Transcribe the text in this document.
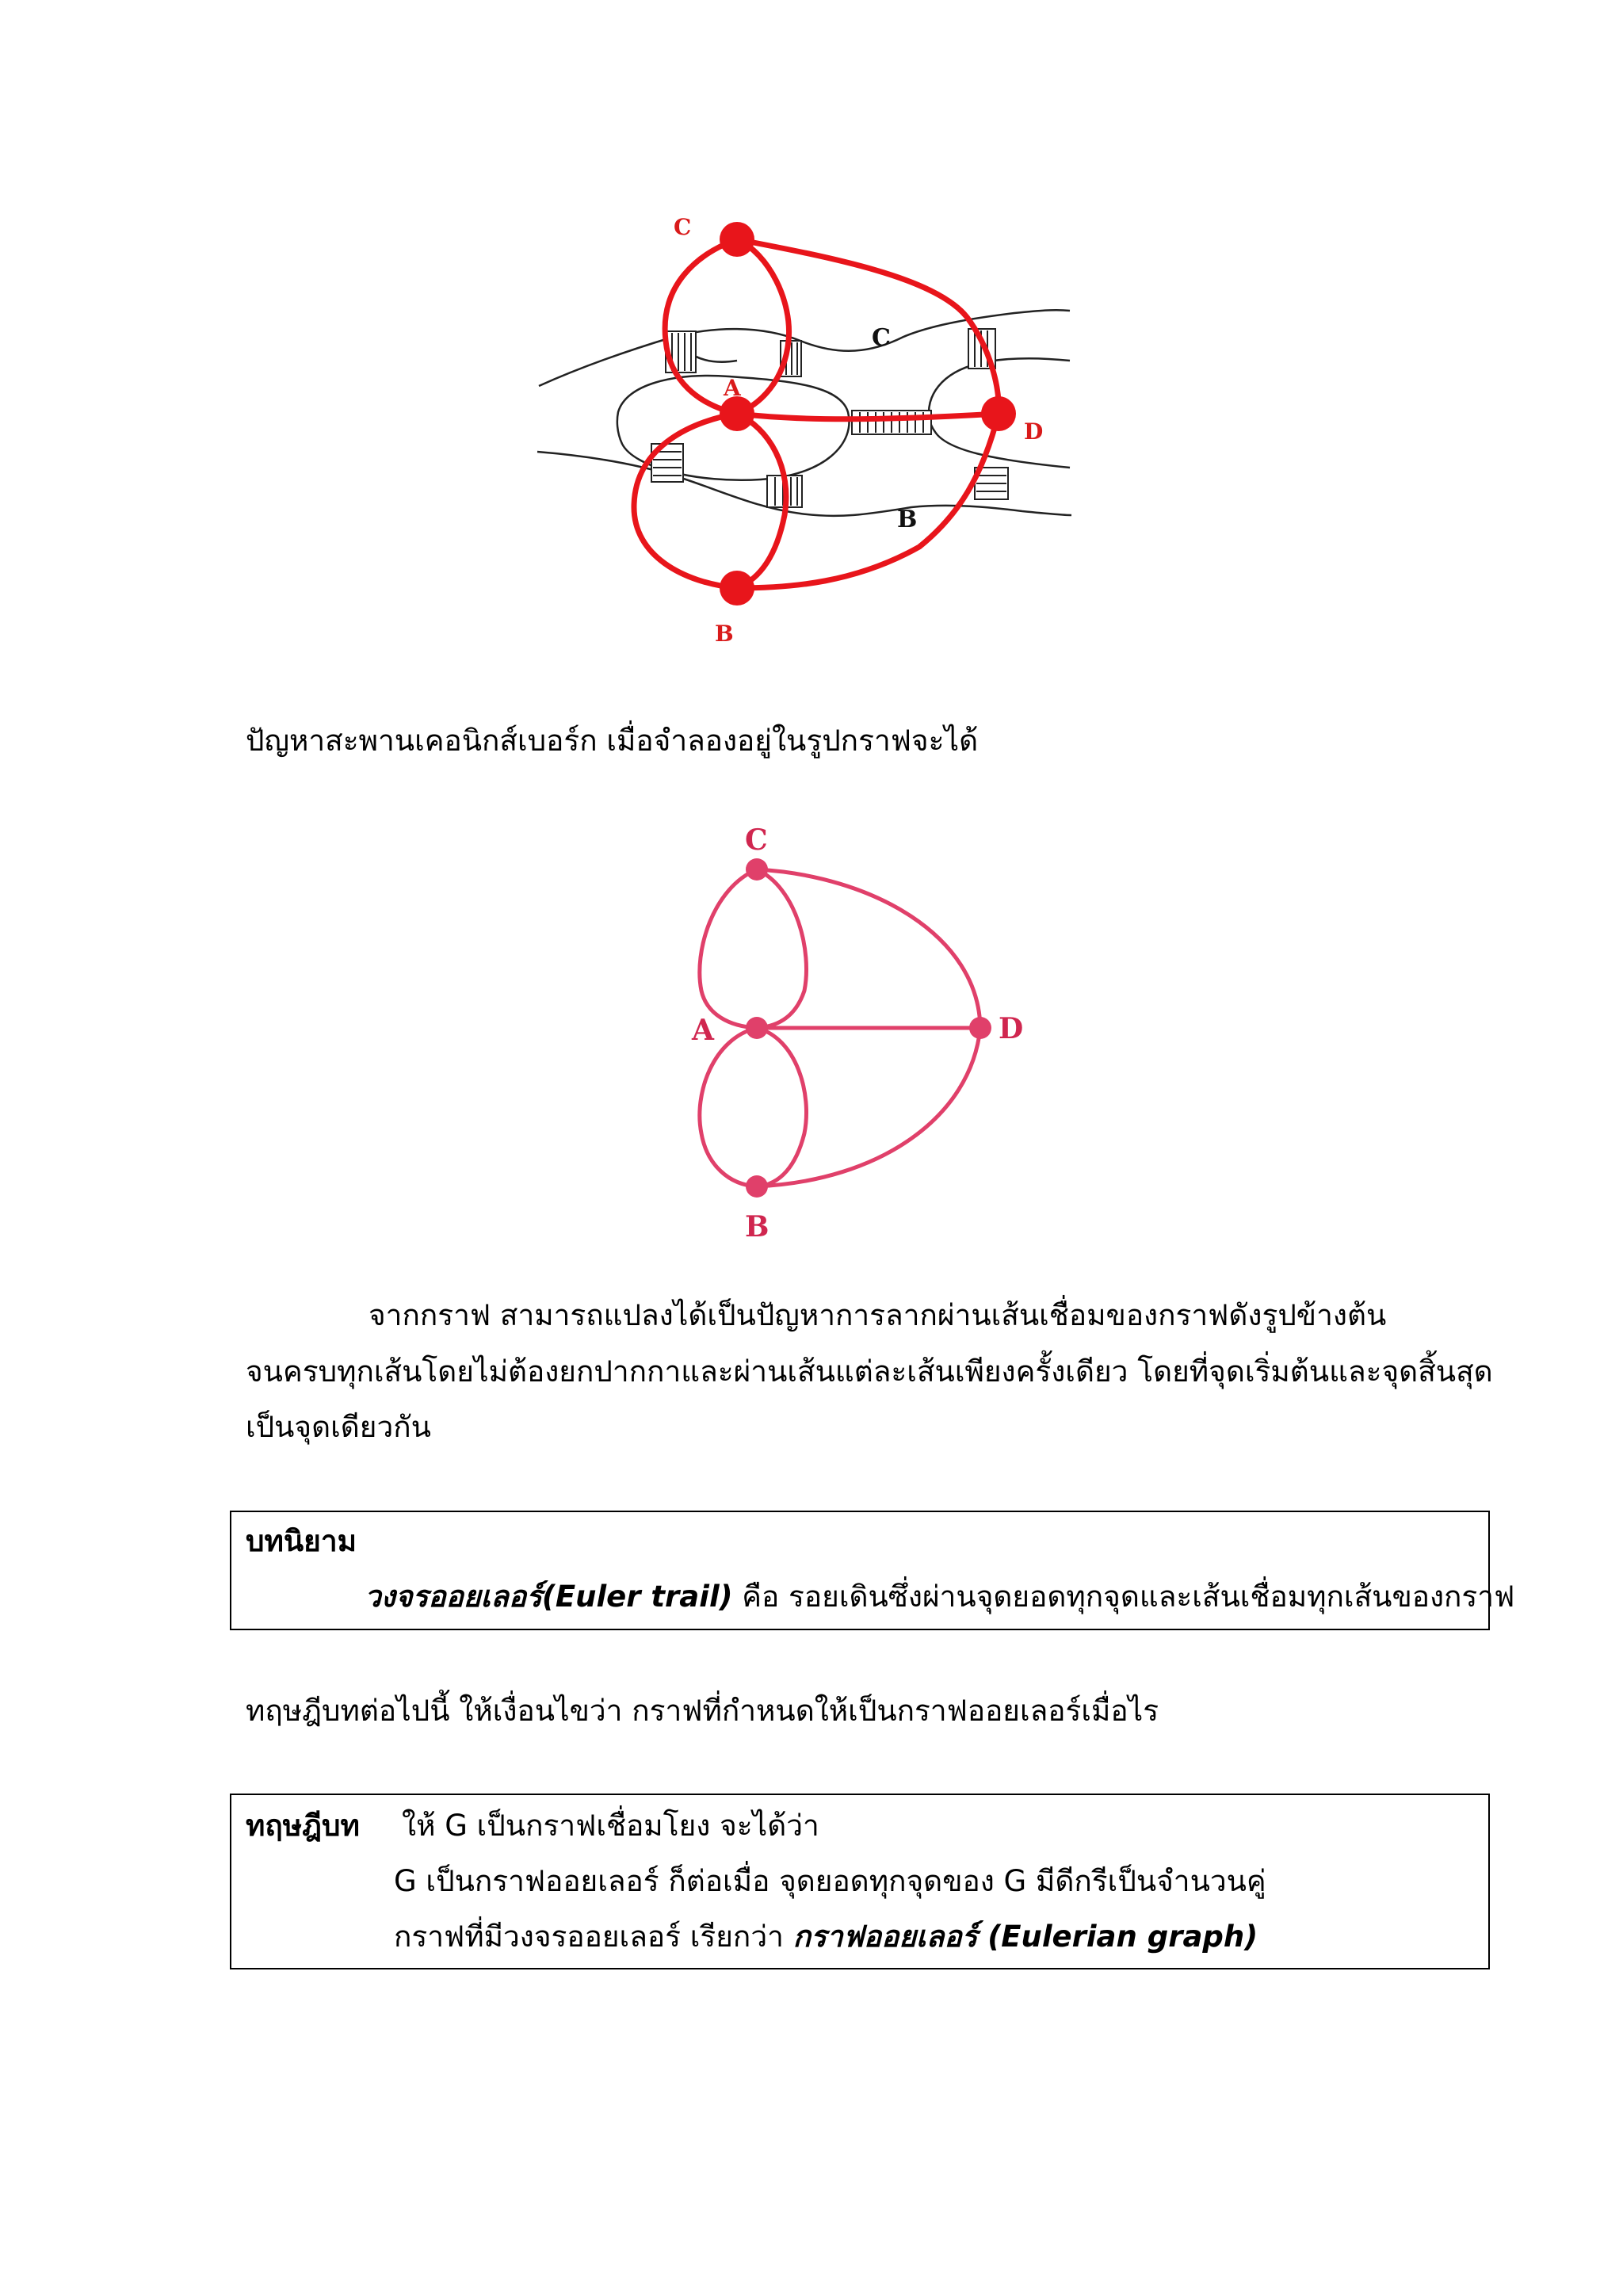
C
B
C
A
D
B
ปัญหาสะพานเคอนิกส์เบอร์ก เมื่อจำลองอยู่ในรูปกราฟจะได้
C
A	D
B
จากกราฟ สามารถแปลงได้เป็นปัญหาการลากผ่านเส้นเชื่อมของกราฟดังรูปข้างต้น
จนครบทุกเส้นโดยไม่ต้องยกปากกาและผ่านเส้นแต่ละเส้นเพียงครั้งเดียว โดยที่จุดเริ่มต้นและจุดสิ้นสุด
เป็นจุดเดียวกัน
บทนิยาม
วงจรออยเลอร์(Euler trail) คือ รอยเดินซึ่งผ่านจุดยอดทุกจุดและเส้นเชื่อมทุกเส้นของกราฟ
ทฤษฎีบทต่อไปนี้ ให้เงื่อนไขว่า กราฟที่กำหนดให้เป็นกราฟออยเลอร์เมื่อไร
ทฤษฎีบท ให้ G เป็นกราฟเชื่อมโยง จะได้ว่า
G เป็นกราฟออยเลอร์ ก็ต่อเมื่อ จุดยอดทุกจุดของ G มีดีกรีเป็นจำนวนคู่
กราฟที่มีวงจรออยเลอร์ เรียกว่า กราฟออยเลอร์ (Eulerian graph)
